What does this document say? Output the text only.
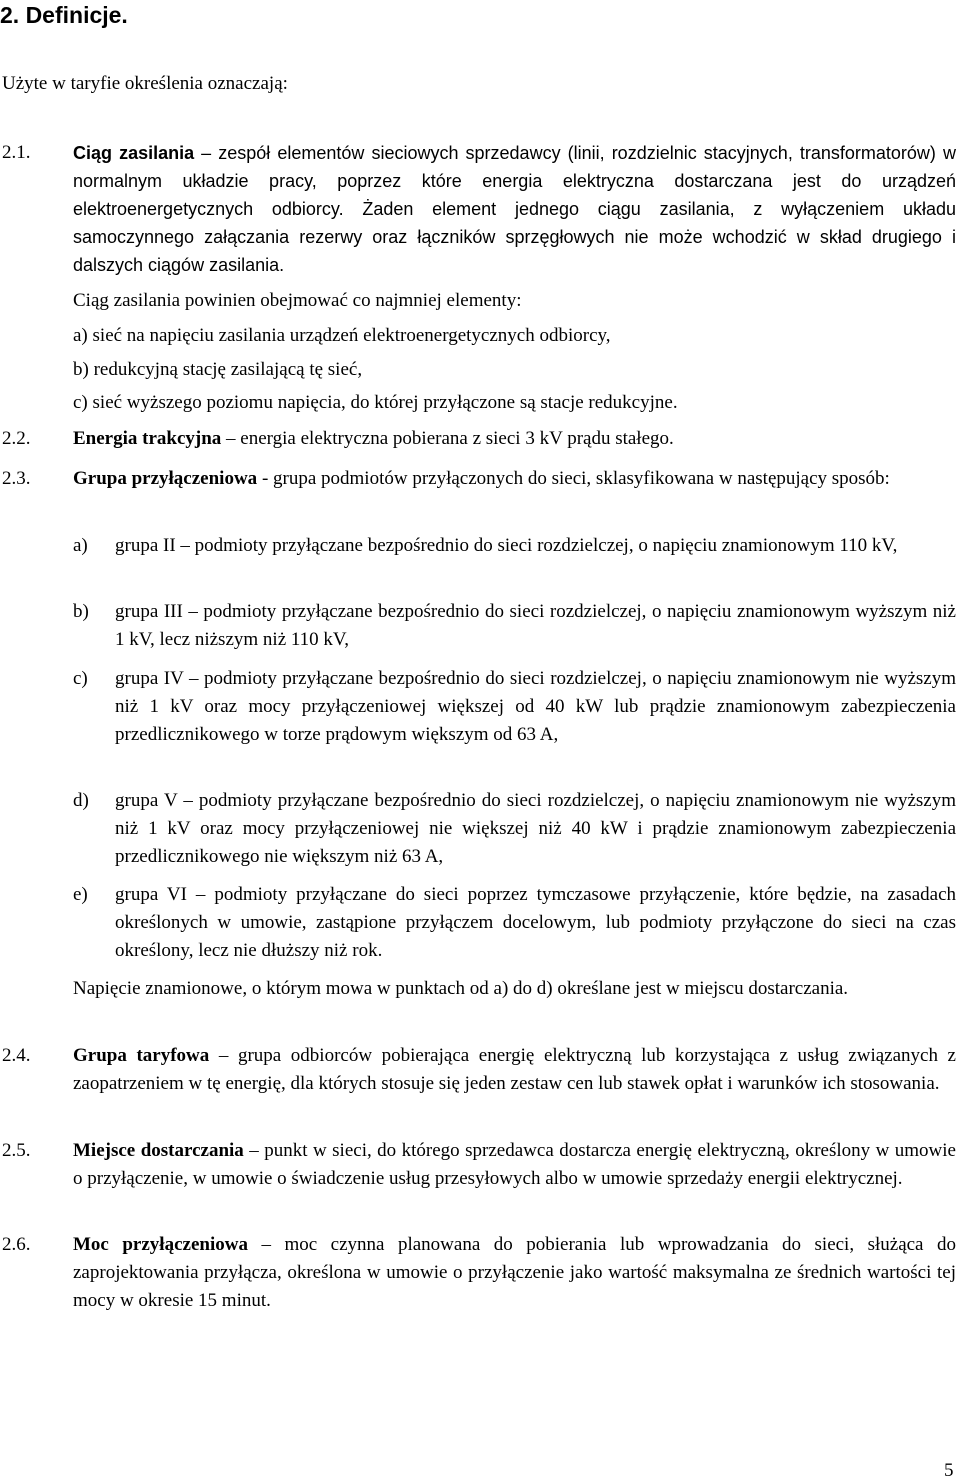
2. Definicje.
Użyte w taryfie określenia oznaczają:
2.1. Ciąg zasilania – zespół elementów sieciowych sprzedawcy (linii, rozdzielnic stacyjnych, transformatorów) w normalnym układzie pracy, poprzez które energia elektryczna dostarczana jest do urządzeń elektroenergetycznych odbiorcy. Żaden element jednego ciągu zasilania, z wyłączeniem układu samoczynnego załączania rezerwy oraz łączników sprzęgłowych nie może wchodzić w skład drugiego i dalszych ciągów zasilania.
Ciąg zasilania powinien obejmować co najmniej elementy:
a) sieć na napięciu zasilania urządzeń elektroenergetycznych odbiorcy,
b) redukcyjną stację zasilającą tę sieć,
c) sieć wyższego poziomu napięcia, do której przyłączone są stacje redukcyjne.
2.2. Energia trakcyjna – energia elektryczna pobierana z sieci 3 kV prądu stałego.
2.3. Grupa przyłączeniowa - grupa podmiotów przyłączonych do sieci, sklasyfikowana w następujący sposób:
a) grupa II – podmioty przyłączane bezpośrednio do sieci rozdzielczej, o napięciu znamionowym 110 kV,
b) grupa III – podmioty przyłączane bezpośrednio do sieci rozdzielczej, o napięciu znamionowym wyższym niż 1 kV, lecz niższym niż 110 kV,
c) grupa IV – podmioty przyłączane bezpośrednio do sieci rozdzielczej, o napięciu znamionowym nie wyższym niż 1 kV oraz mocy przyłączeniowej większej od 40 kW lub prądzie znamionowym zabezpieczenia przedlicznikowego w torze prądowym większym od 63 A,
d) grupa V – podmioty przyłączane bezpośrednio do sieci rozdzielczej, o napięciu znamionowym nie wyższym niż 1 kV oraz mocy przyłączeniowej nie większej niż 40 kW i prądzie znamionowym zabezpieczenia przedlicznikowego nie większym niż 63 A,
e) grupa VI – podmioty przyłączane do sieci poprzez tymczasowe przyłączenie, które będzie, na zasadach określonych w umowie, zastąpione przyłączem docelowym, lub podmioty przyłączone do sieci na czas określony, lecz nie dłuższy niż rok.
Napięcie znamionowe, o którym mowa w punktach od a) do d) określane jest w miejscu dostarczania.
2.4. Grupa taryfowa – grupa odbiorców pobierająca energię elektryczną lub korzystająca z usług związanych z zaopatrzeniem w tę energię, dla których stosuje się jeden zestaw cen lub stawek opłat i warunków ich stosowania.
2.5. Miejsce dostarczania – punkt w sieci, do którego sprzedawca dostarcza energię elektryczną, określony w umowie o przyłączenie, w umowie o świadczenie usług przesyłowych albo w umowie sprzedaży energii elektrycznej.
2.6. Moc przyłączeniowa – moc czynna planowana do pobierania lub wprowadzania do sieci, służąca do zaprojektowania przyłącza, określona w umowie o przyłączenie jako wartość maksymalna ze średnich wartości tej mocy w okresie 15 minut.
5
